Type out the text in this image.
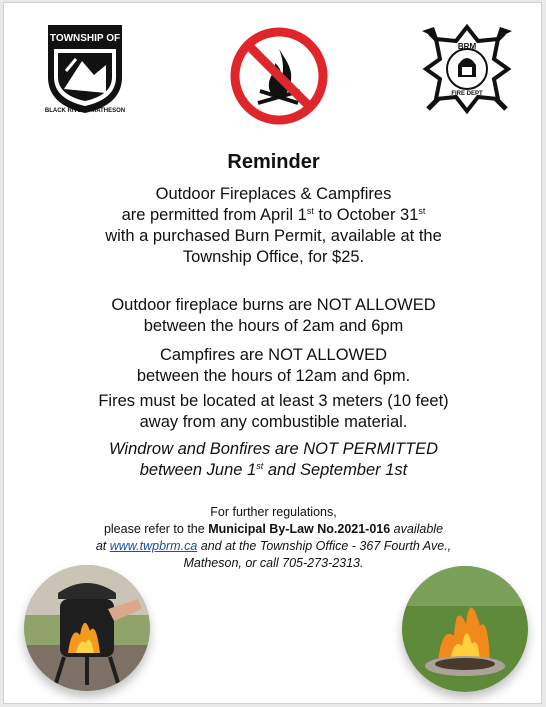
TOWNSHIP OF
BLACK RIVER - MATHESON
BRM
FIRE DEPT
Reminder
Outdoor Fireplaces & Campfires
are permitted from April 1st to October 31st
with a purchased Burn Permit, available at the
Township Office, for $25.
Outdoor fireplace burns are NOT ALLOWED
between the hours of 2am and 6pm
Campfires are NOT ALLOWED
between the hours of 12am and 6pm.
Fires must be located at least 3 meters (10 feet)
away from any combustible material.
Windrow and Bonfires are NOT PERMITTED
between June 1st and September 1st
For further regulations,
please refer to the Municipal By-Law No.2021-016 available
at www.twpbrm.ca and at the Township Office - 367 Fourth Ave.,
Matheson, or call 705-273-2313.
